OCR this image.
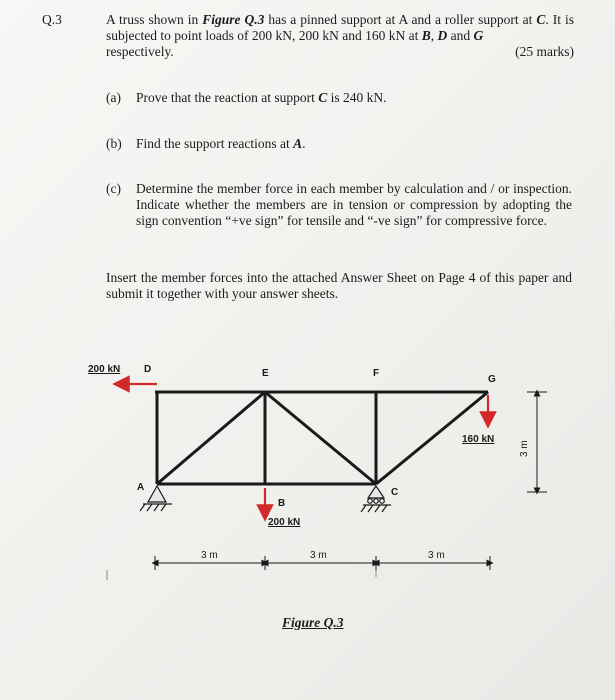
Q.3	A truss shown in Figure Q.3 has a pinned support at A and a roller support at C. It is subjected to point loads of 200 kN, 200 kN and 160 kN at B, D and G
respectively.	(25 marks)
(a) Prove that the reaction at support C is 240 kN.
(b) Find the support reactions at A.
(c) Determine the member force in each member by calculation and / or inspection. Indicate whether the members are in tension or compression by adopting the sign convention “+ve sign” for tensile and “-ve sign” for compressive force.
Insert the member forces into the attached Answer Sheet on Page 4 of this paper and submit it together with your answer sheets.
200 kN
200 kN
160 kN
D	E	F
G
A
B
C
3 m	3 m	3 m
3 m
Figure Q.3
